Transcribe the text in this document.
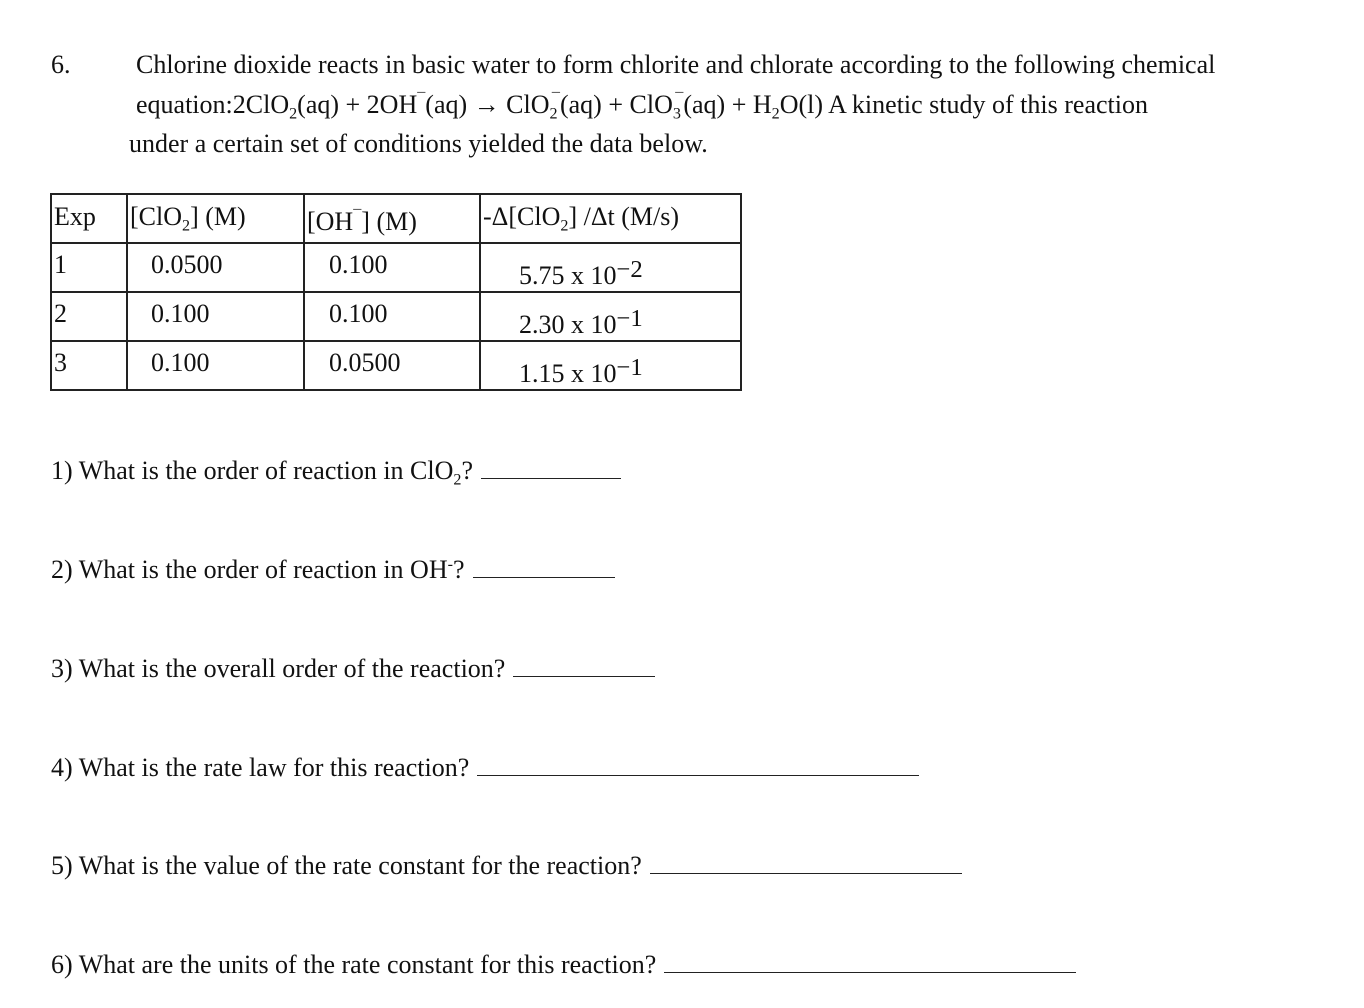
6.	Chlorine dioxide reacts in basic water to form chlorite and chlorate according to the following chemical
equation:2ClO$_2$(aq) + $2OH^¯(aq) \to ClO_2^¯(aq) + ClO_3^¯(aq) + H_2O(l)$ A kinetic study of this reaction
under a certain set of conditions yielded the data below.
Exp	[ClO$_2$] (M)	[OH¯] (M)	-Δ[ClO$_2$] /Δt (M/s)

1	0.0500	0.100	5.75 x 10−2

2	0.100	0.100	2.30 x 10−1

3	0.100	0.0500	1.15 x 10−1
1) What is the order of reaction in ClO$_2$?
2) What is the order of reaction in OH-?
3) What is the overall order of the reaction?
4) What is the rate law for this reaction?
5) What is the value of the rate constant for the reaction?
6) What are the units of the rate constant for this reaction?
